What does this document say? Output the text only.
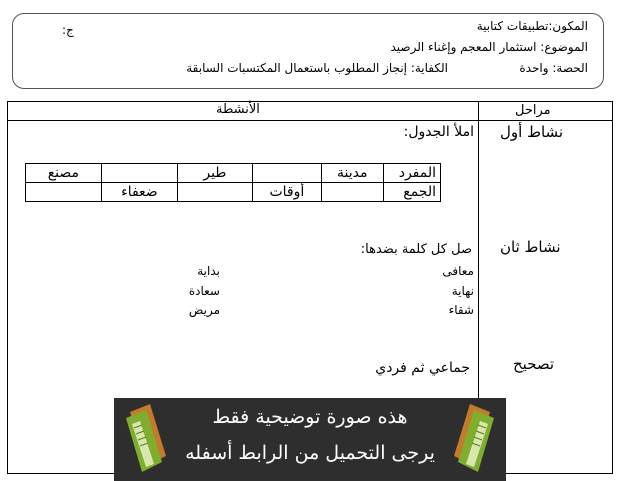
المكون:تطبيقات كتابية
الموضوع: استثمار المعجم وإغناء الرصيد
الحصة: واحدة
الكفاية: إنجاز المطلوب باستعمال المكتسبات السابقة
ج:
مراحل
الأنشطة
نشاط أول
نشاط ثان
تصحيح
املأ الجدول:
مصنع		طير		مدينة	المفرد
	ضعفاء		أوقات		الجمع
صل كل كلمة بضدها:
معافى
نهاية
شقاء
بداية
سعادة
مريض
جماعي ثم فردي
هذه صورة توضيحية فقط
يرجى التحميل من الرابط أسفله
